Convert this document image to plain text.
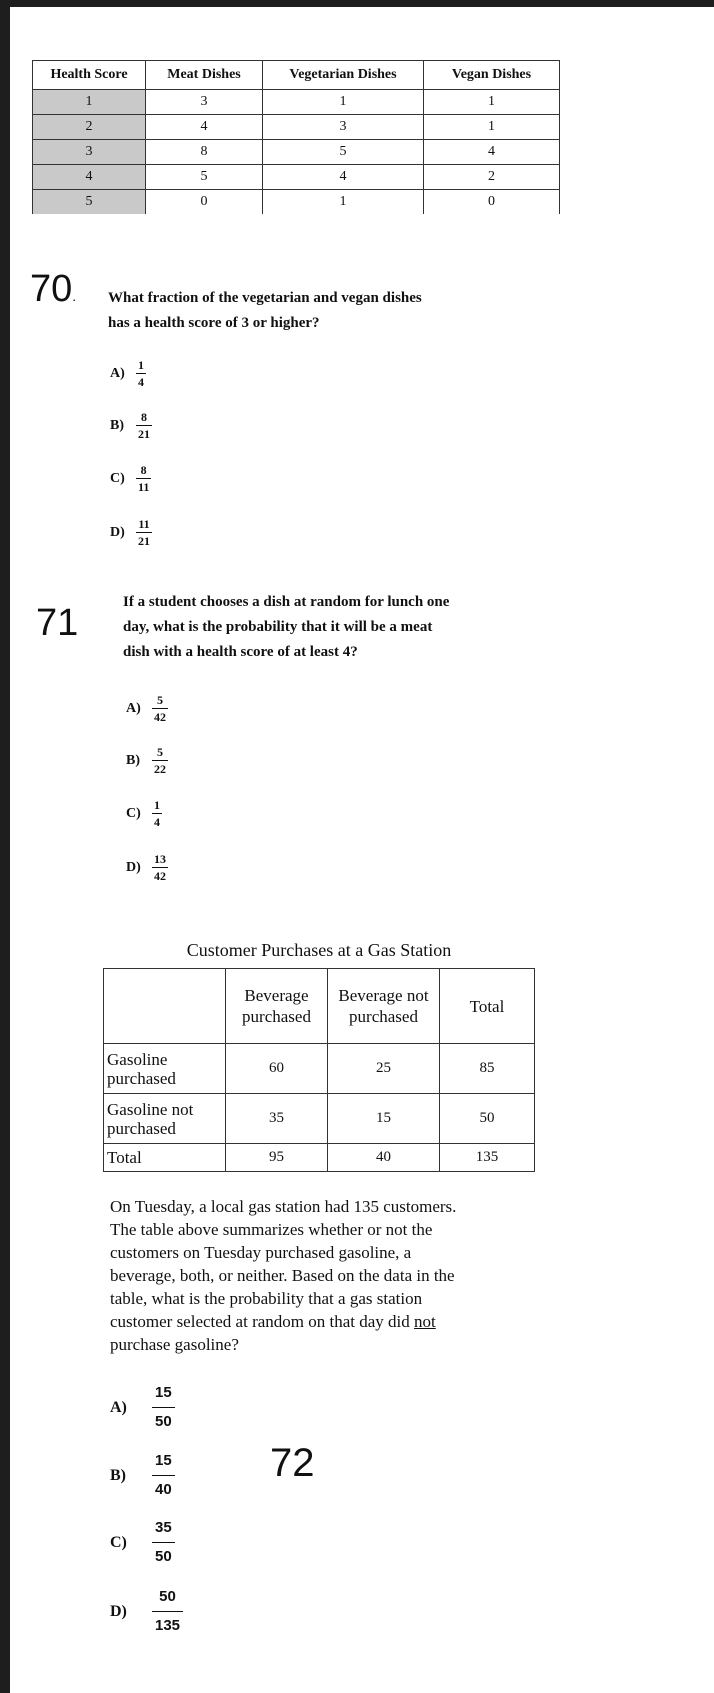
Health Score	Meat Dishes	Vegetarian Dishes	Vegan Dishes
1	3	1	1
2	4	3	1
3	8	5	4
4	5	4	2
5	0	1	0
70. What fraction of the vegetarian and vegan dishes
has a health score of 3 or higher?
$A) \frac{1}{4}$
B)	$\frac{8}{21}$
$C) \frac{8}{11}$
$D) \frac{11}{21}$
71	If a student chooses a dish at random for lunch one
day, what is the probability that it will be a meat
dish with a health score of at least 4?
$A) \frac{5}{42}$
B)	$\frac{5}{22}$
$C) \frac{1}{4}$
$D) \frac{13}{42}$
Customer Purchases at a Gas Station
	Beverage purchased	Beverage not purchased	Total
Gasoline purchased	60	25	85
Gasoline not purchased	35	15	50
Total	95	40	135
On Tuesday, a local gas station had 135 customers.
The table above summarizes whether or not the
customers on Tuesday purchased gasoline, a
beverage, both, or neither. Based on the data in the
table, what is the probability that a gas station
customer selected at random on that day did not
purchase gasoline?
72
A)	$\frac{15}{50}$
B)	$\frac{15}{40}$
C)	$\frac{35}{50}$
D)	$\frac{50}{135}$
